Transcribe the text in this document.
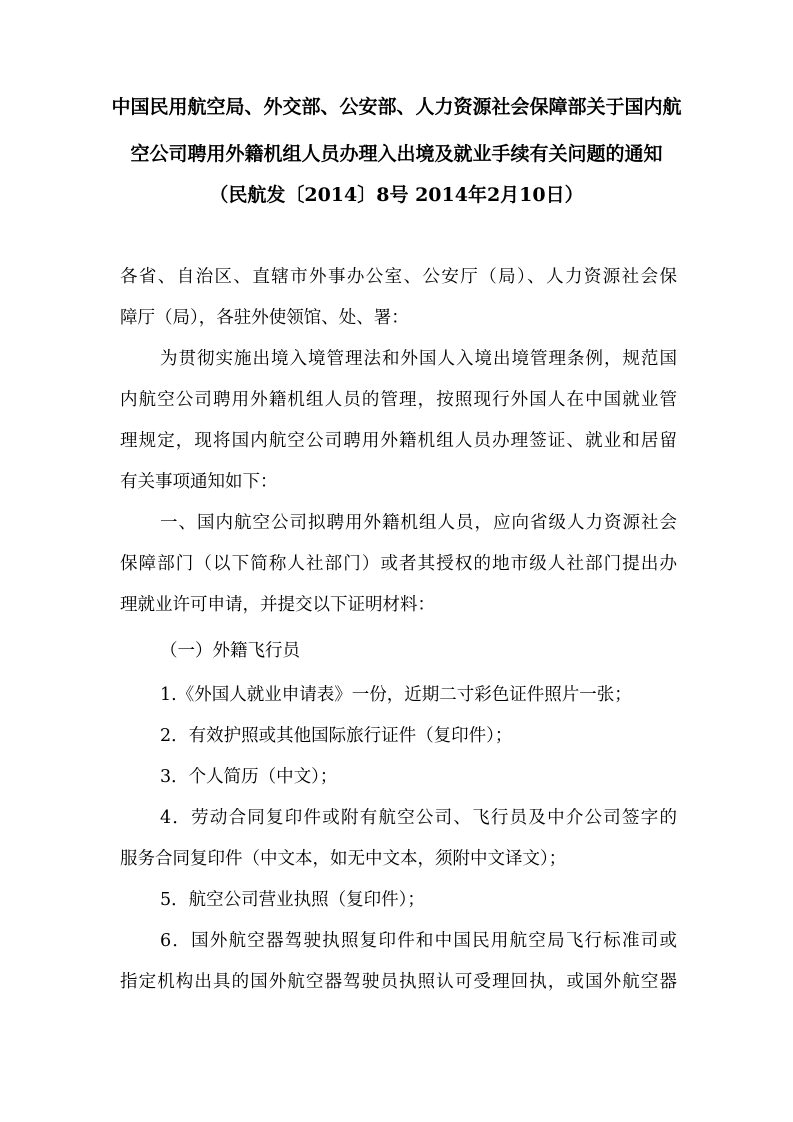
中国民用航空局、外交部、公安部、人力资源社会保障部关于国内航
空公司聘用外籍机组人员办理入出境及就业手续有关问题的通知
（民航发〔2014〕8号 2014年2月10日）
各省、自治区、直辖市外事办公室、公安厅（局）、人力资源社会保
障厅（局），各驻外使领馆、处、署：
为贯彻实施出境入境管理法和外国人入境出境管理条例，规范国
内航空公司聘用外籍机组人员的管理，按照现行外国人在中国就业管
理规定，现将国内航空公司聘用外籍机组人员办理签证、就业和居留
有关事项通知如下：
一、国内航空公司拟聘用外籍机组人员，应向省级人力资源社会
保障部门（以下简称人社部门）或者其授权的地市级人社部门提出办
理就业许可申请，并提交以下证明材料：
（一）外籍飞行员
1.《外国人就业申请表》一份，近期二寸彩色证件照片一张；
2．有效护照或其他国际旅行证件（复印件）；
3．个人简历（中文）；
4．劳动合同复印件或附有航空公司、飞行员及中介公司签字的
服务合同复印件（中文本，如无中文本，须附中文译文）；
5．航空公司营业执照（复印件）；
6．国外航空器驾驶执照复印件和中国民用航空局飞行标准司或
指定机构出具的国外航空器驾驶员执照认可受理回执，或国外航空器
